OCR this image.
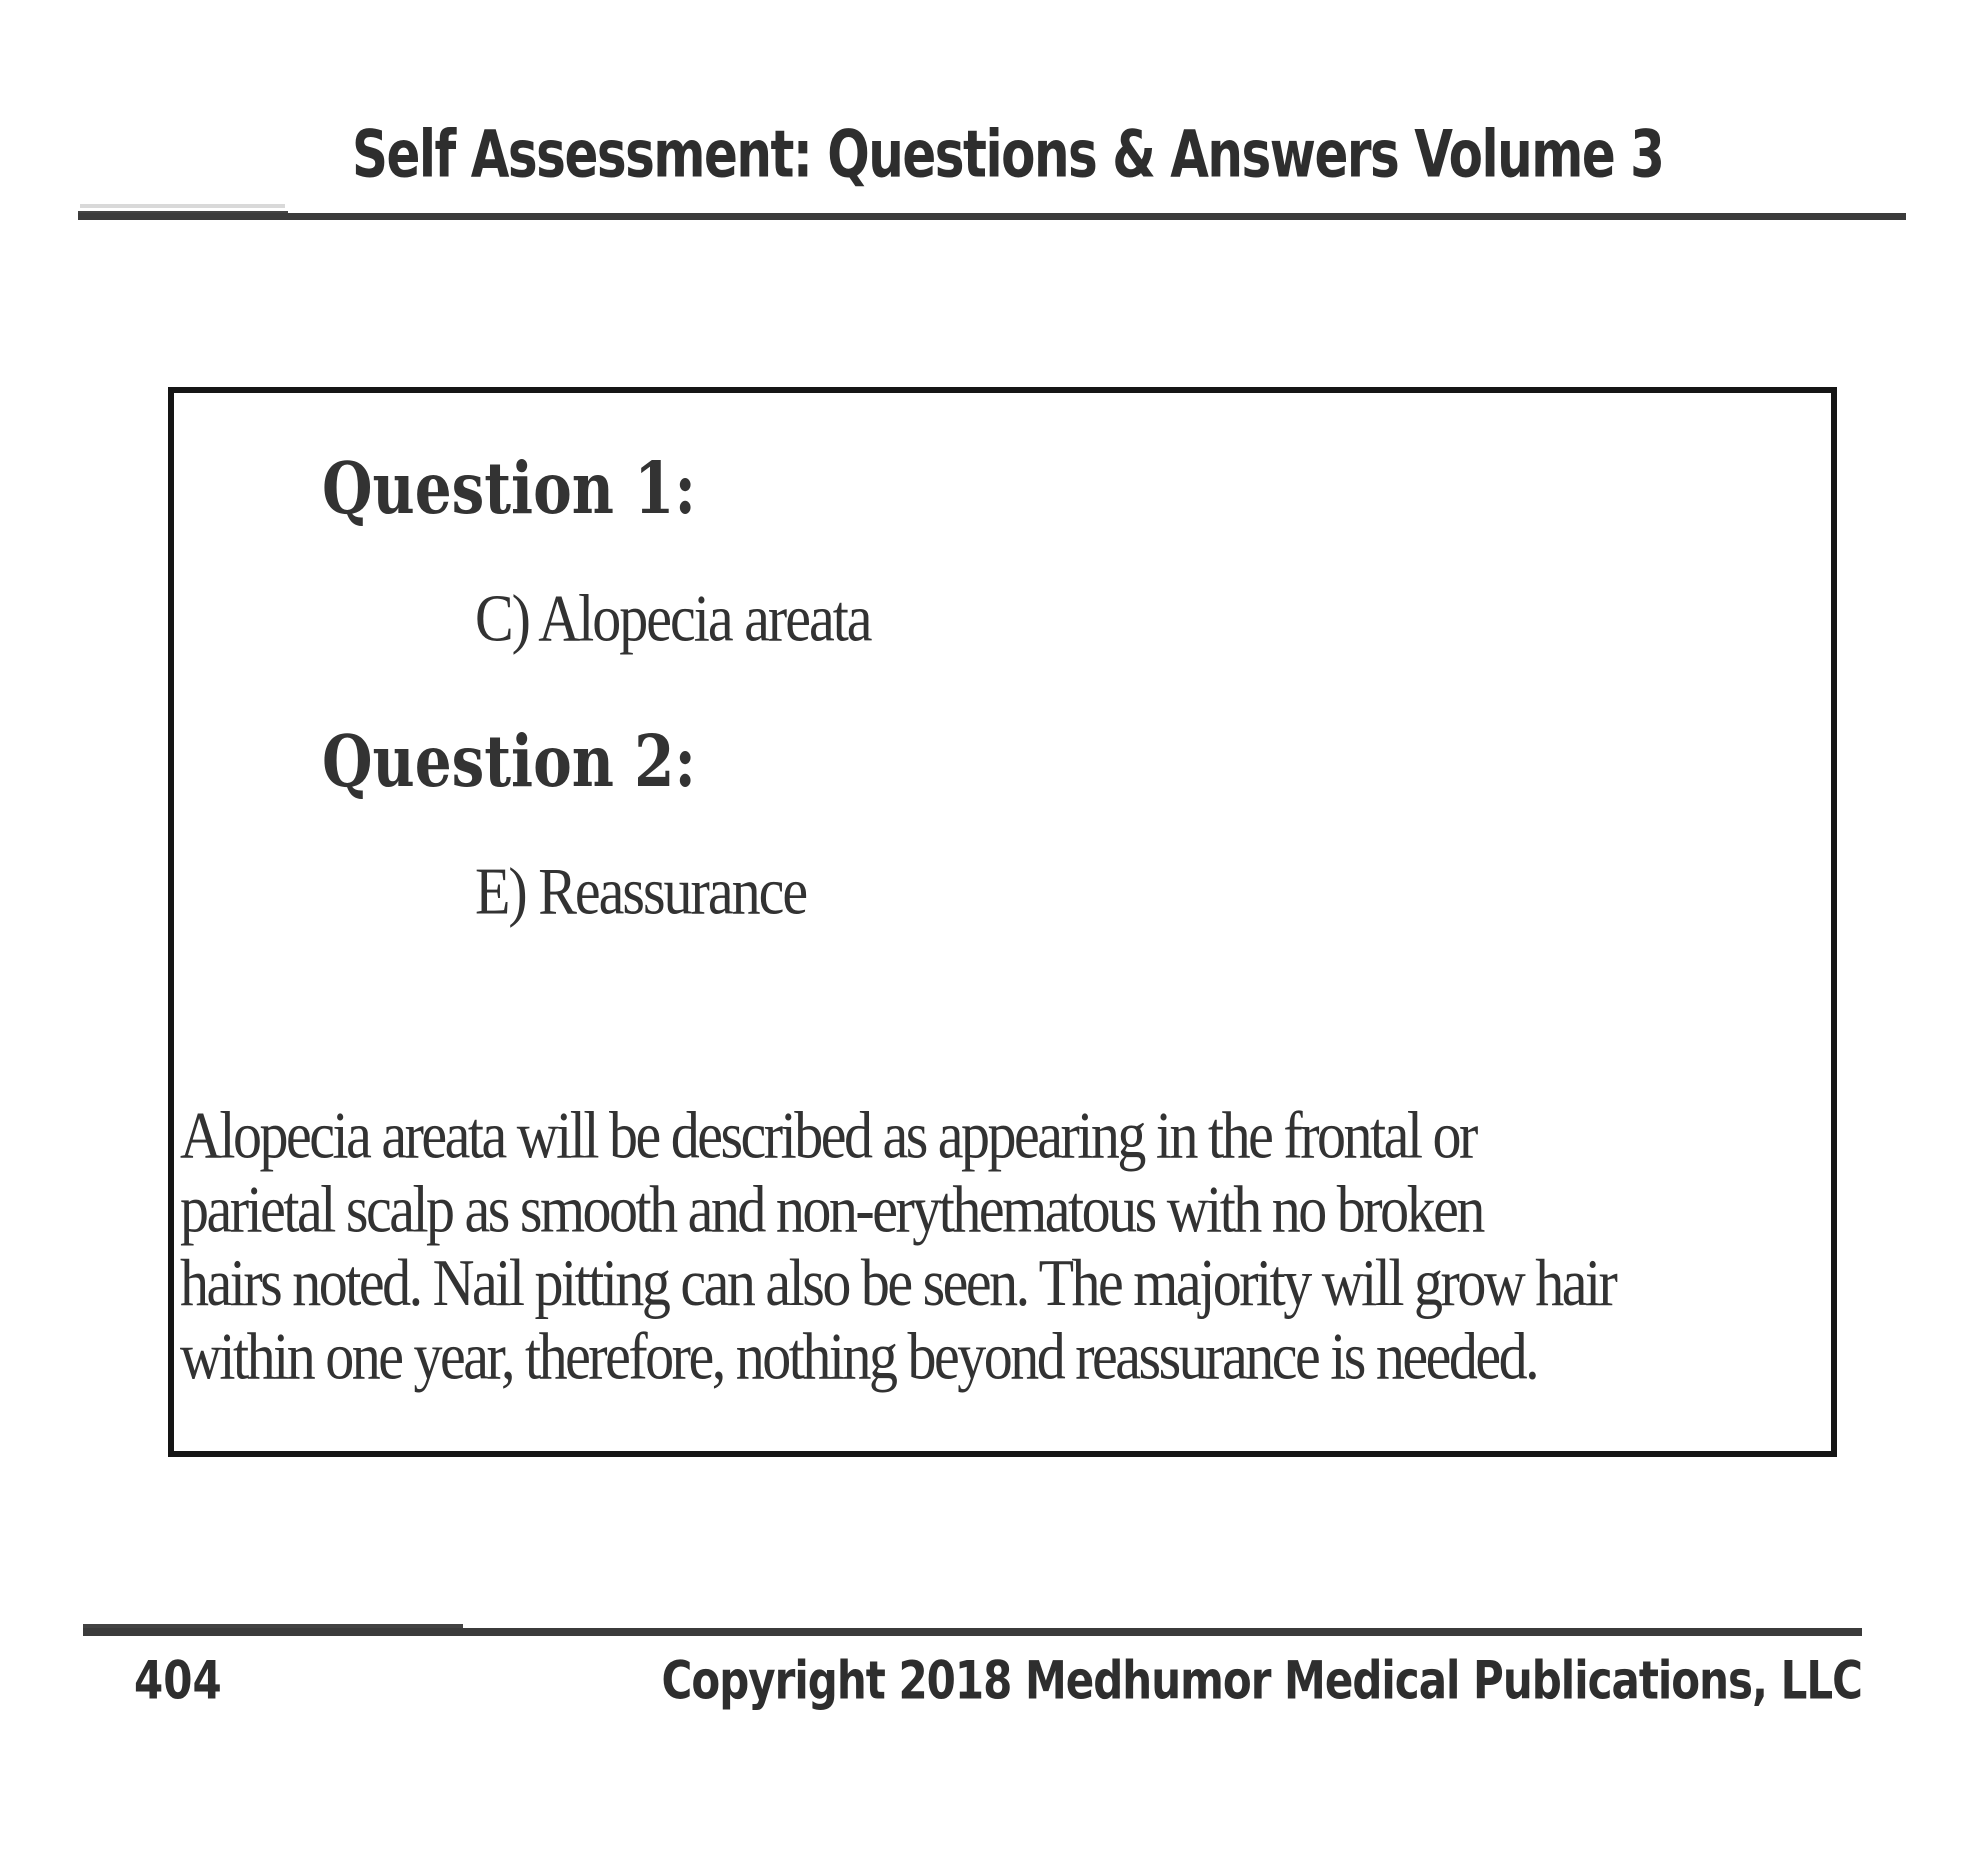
Self Assessment: Questions & Answers Volume 3
Question 1:
C) Alopecia areata
Question 2:
E) Reassurance
Alopecia areata will be described as appearing in the frontal or
parietal scalp as smooth and non-erythematous with no broken
hairs noted. Nail pitting can also be seen. The majority will grow hair
within one year, therefore, nothing beyond reassurance is needed.
404	Copyright 2018 Medhumor Medical Publications, LLC
